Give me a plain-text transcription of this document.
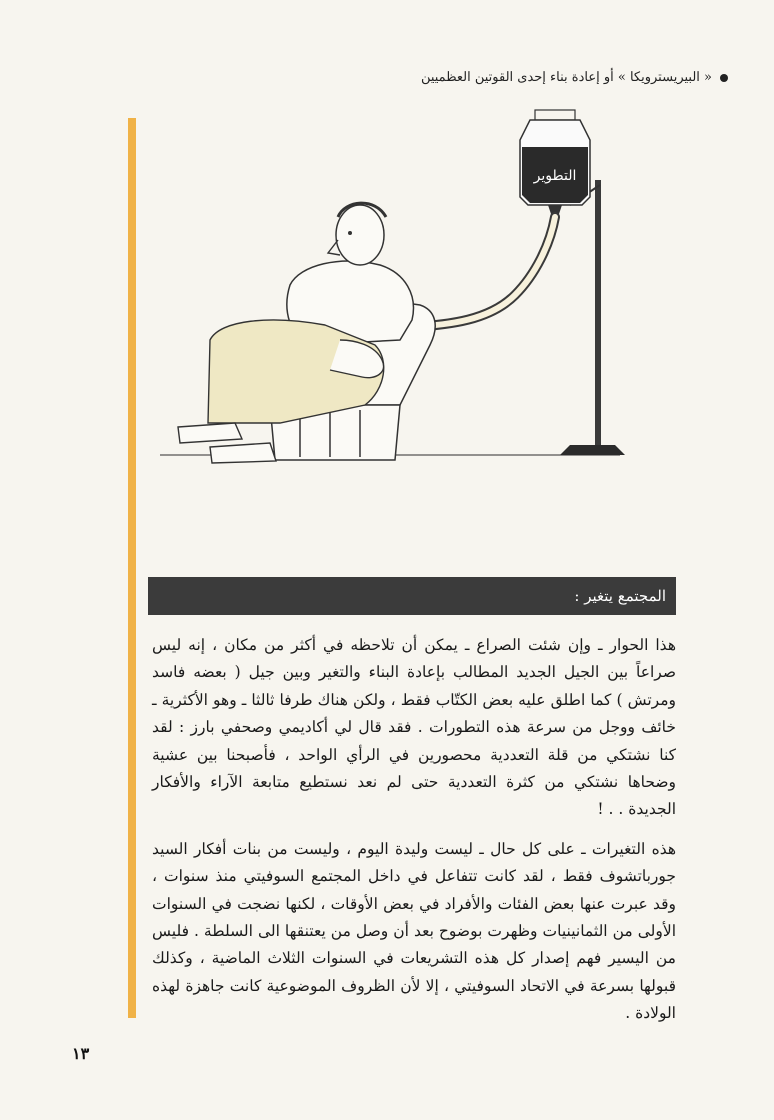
« البيريسترويكا » أو إعادة بناء إحدى القوتين العظميين
التطوير
المجتمع يتغير :

هذا الحوار ـ وإن شئت الصراع ـ يمكن أن تلاحظه في أكثر من مكان ، إنه ليس صراعاً بين الجيل الجديد المطالب بإعادة البناء والتغير وبين جيل ( بعضه فاسد ومرتش ) كما اطلق عليه بعض الكتّاب فقط ، ولكن هناك طرفا ثالثا ـ وهو الأكثرية ـ خائف ووجل من سرعة هذه التطورات . فقد قال لي أكاديمي وصحفي بارز : لقد كنا نشتكي من قلة التعددية محصورين في الرأي الواحد ، فأصبحنا بين عشية وضحاها نشتكي من كثرة التعددية حتى لم نعد نستطيع متابعة الآراء والأفكار الجديدة . . !

هذه التغيرات ـ على كل حال ـ ليست وليدة اليوم ، وليست من بنات أفكار السيد جورباتشوف فقط ، لقد كانت تتفاعل في داخل المجتمع السوفيتي منذ سنوات ، وقد عبرت عنها بعض الفئات والأفراد في بعض الأوقات ، لكنها نضجت في السنوات الأولى من الثمانينيات وظهرت بوضوح بعد أن وصل من يعتنقها الى السلطة . فليس من اليسير فهم إصدار كل هذه التشريعات في السنوات الثلاث الماضية ، وكذلك قبولها بسرعة في الاتحاد السوفيتي ، إلا لأن الظروف الموضوعية كانت جاهزة لهذه الولادة .

١٣
